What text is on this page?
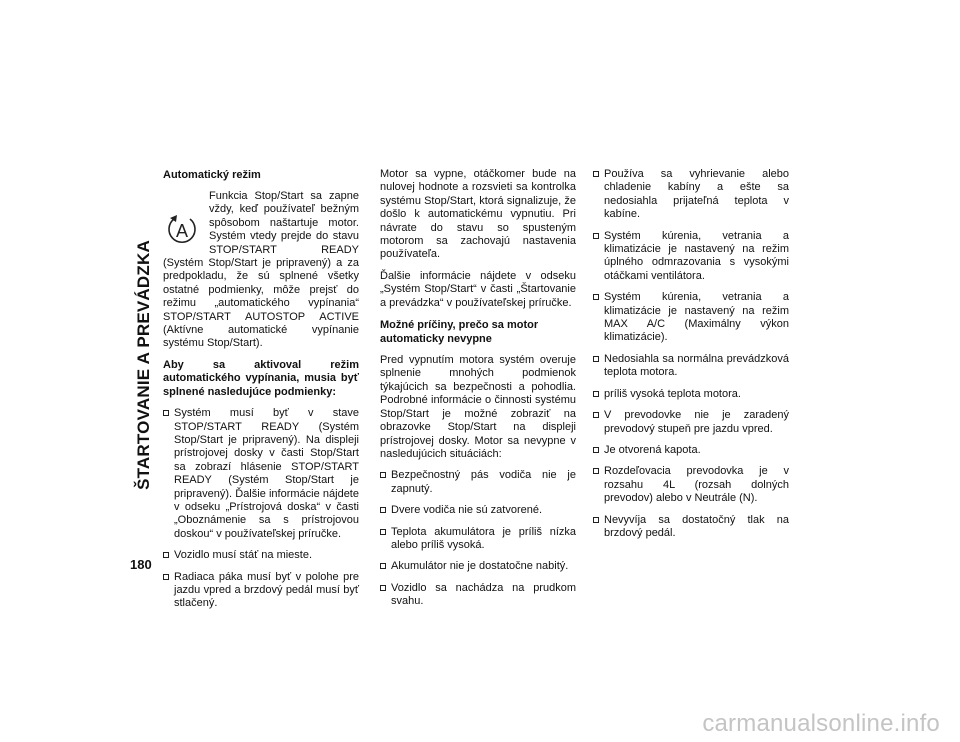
ŠTARTOVANIE A PREVÁDZKA
180
Automatický režim
A

Funkcia Stop/Start sa zapne vždy, keď používateľ bežným spôsobom naštartuje motor. Systém vtedy prejde do stavu STOP/START READY (Systém Stop/Start je pripravený) a za predpokladu, že sú splnené všetky ostatné podmienky, môže prejsť do režimu „automatického vypínania“ STOP/START AUTOSTOP ACTIVE (Aktívne automatické vypínanie systému Stop/Start).

Aby sa aktivoval režim automatického vypínania, musia byť splnené nasledujúce podmienky:

Systém musí byť v stave STOP/START READY (Systém Stop/Start je pripravený). Na displeji prístrojovej dosky v časti Stop/Start sa zobrazí hlásenie STOP/START READY (Systém Stop/Start je pripravený). Ďalšie informácie nájdete v odseku „Prístrojová doska“ v časti „Oboznámenie sa s prístrojovou doskou“ v používateľskej príručke.
Vozidlo musí stáť na mieste.
Radiaca páka musí byť v polohe pre jazdu vpred a brzdový pedál musí byť stlačený.

Motor sa vypne, otáčkomer bude na nulovej hodnote a rozsvieti sa kontrolka systému Stop/Start, ktorá signalizuje, že došlo k automatickému vypnutiu. Pri návrate do stavu so spusteným motorom sa zachovajú nastavenia používateľa.

Ďalšie informácie nájdete v odseku „Systém Stop/Start“ v časti „Štartovanie a prevádzka“ v používateľskej príručke.

Možné príčiny, prečo sa motor automaticky nevypne

Pred vypnutím motora systém overuje splnenie mnohých podmienok týkajúcich sa bezpečnosti a pohodlia. Podrobné informácie o činnosti systému Stop/Start je možné zobraziť na obrazovke Stop/Start na displeji prístrojovej dosky. Motor sa nevypne v nasledujúcich situáciách:

Bezpečnostný pás vodiča nie je zapnutý.
Dvere vodiča nie sú zatvorené.
Teplota akumulátora je príliš nízka alebo príliš vysoká.
Akumulátor nie je dostatočne nabitý.
Vozidlo sa nachádza na prudkom svahu.
Používa sa vyhrievanie alebo chladenie kabíny a ešte sa nedosiahla prijateľná teplota v kabíne.
Systém kúrenia, vetrania a klimatizácie je nastavený na režim úplného odmrazovania s vysokými otáčkami ventilátora.
Systém kúrenia, vetrania a klimatizácie je nastavený na režim MAX A/C (Maximálny výkon klimatizácie).
Nedosiahla sa normálna prevádzková teplota motora.
príliš vysoká teplota motora.
V prevodovke nie je zaradený prevodový stupeň pre jazdu vpred.
Je otvorená kapota.
Rozdeľovacia prevodovka je v rozsahu 4L (rozsah dolných prevodov) alebo v Neutrále (N).
Nevyvíja sa dostatočný tlak na brzdový pedál.
carmanualsonline.info
